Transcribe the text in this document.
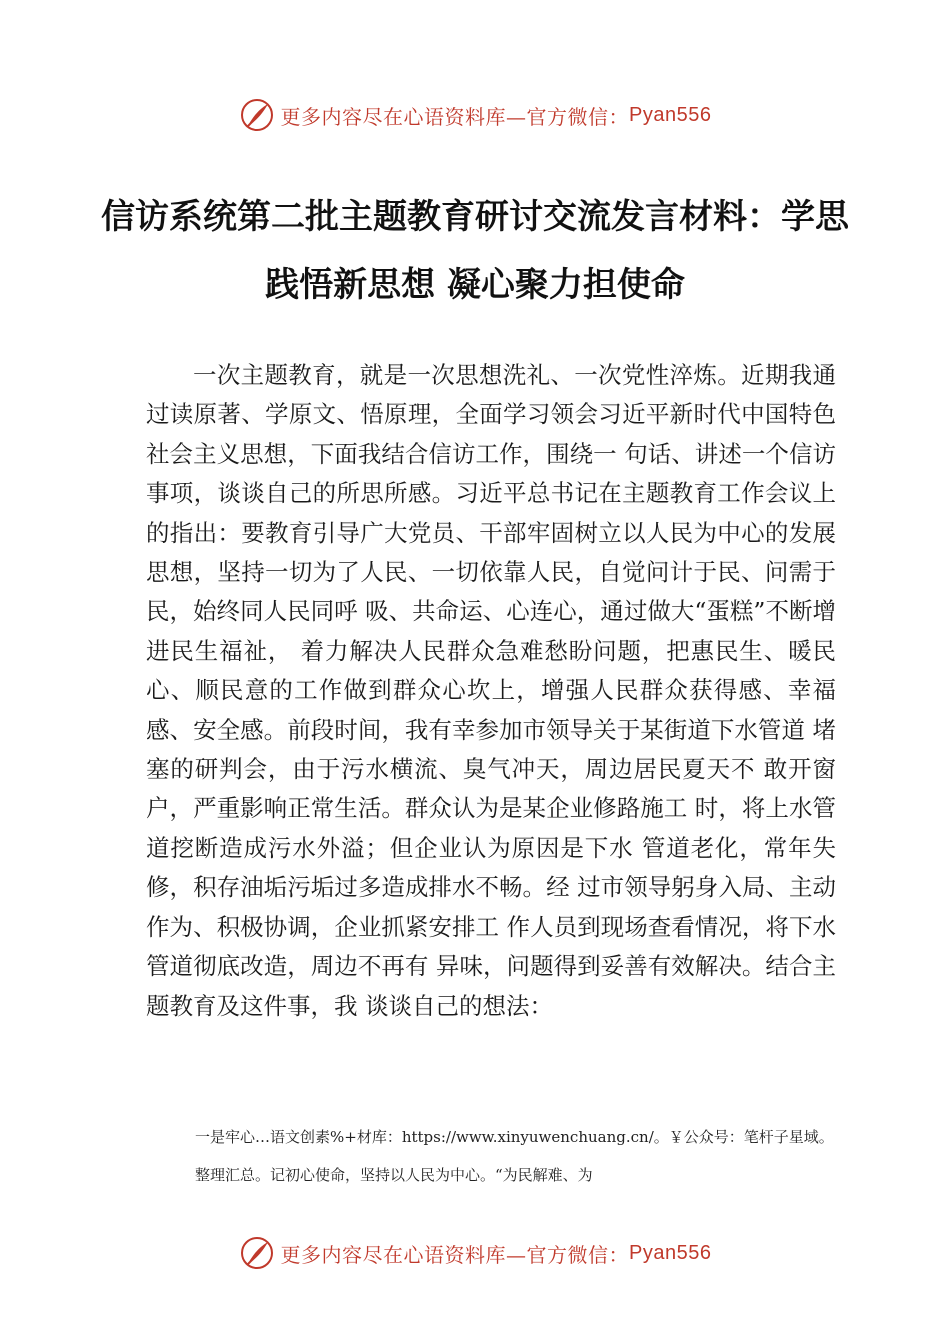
更多内容尽在心语资料库—官方微信： Pyan556
信访系统第二批主题教育研讨交流发言材料：学思践悟新思想 凝心聚力担使命

一次主题教育，就是一次思想洗礼、一次党性淬炼。近期我通过读原著、学原文、悟原理，全面学习领会习近平新时代中国特色社会主义思想，下面我结合信访工作，围绕一 句话、讲述一个信访事项，谈谈自己的所思所感。习近平总书记在主题教育工作会议上的指出：要教育引导广大党员、干部牢固树立以人民为中心的发展思想，坚持一切为了人民、一切依靠人民，自觉问计于民、问需于民，始终同人民同呼 吸、共命运、心连心，通过做大“蛋糕”不断增进民生福祉， 着力解决人民群众急难愁盼问题，把惠民生、暖民心、顺民意的工作做到群众心坎上，增强人民群众获得感、幸福感、安全感。前段时间，我有幸参加市领导关于某街道下水管道 堵塞的研判会，由于污水横流、臭气冲天，周边居民夏天不 敢开窗户，严重影响正常生活。群众认为是某企业修路施工 时，将上水管道挖断造成污水外溢；但企业认为原因是下水 管道老化，常年失修，积存油垢污垢过多造成排水不畅。经 过市领导躬身入局、主动作为、积极协调，企业抓紧安排工 作人员到现场查看情况，将下水管道彻底改造，周边不再有 异味，问题得到妥善有效解决。结合主题教育及这件事，我 谈谈自己的想法：

一是牢心…语文创素%+材库：https://www.xinyuwenchuang.cn/。￥公众号：笔杆子星域。整理汇总。记初心使命，坚持以人民为中心。“为民解难、为

更多内容尽在心语资料库—官方微信： Pyan556
